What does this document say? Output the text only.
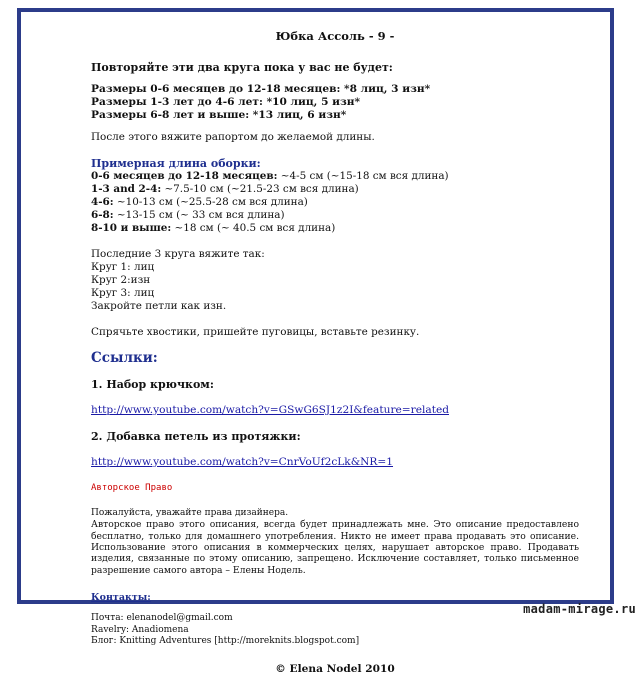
Юбка Ассоль - 9 -
Повторяйте эти два круга пока у вас не будет:
Размеры 0-6 месяцев до 12-18 месяцев: *8 лиц, 3 изн*
Размеры 1-3 лет до 4-6 лет: *10 лиц, 5 изн*
Размеры 6-8 лет и выше: *13 лиц, 6 изн*
После этого вяжите рапортом до желаемой длины.
Примерная длина оборки:
0-6 месяцев до 12-18 месяцев: ~4-5 см (~15-18 см вся длина)
1-3 and 2-4: ~7.5-10 см (~21.5-23 см вся длина)
4-6: ~10-13 см (~25.5-28 см вся длина)
6-8: ~13-15 см (~ 33 см вся длина)
8-10 и выше: ~18 см (~ 40.5 см вся длина)
Последние 3 круга вяжите так:
Круг 1: лиц
Круг 2:изн
Круг 3: лиц
Закройте петли как изн.
Спрячьте хвостики, пришейте пуговицы, вставьте резинку.
Ссылки:
1. Набор крючком:
http://www.youtube.com/watch?v=GSwG6SJ1z2I&feature=related
2. Добавка петель из протяжки:
http://www.youtube.com/watch?v=CnrVoUf2cLk&NR=1
Авторское Право
Пожалуйста, уважайте права дизайнера.
Авторское право этого описания, всегда будет принадлежать мне. Это описание предоставлено бесплатно, только для домашнего употребления. Никто не имеет права продавать это описание. Использование этого описания в коммерческих целях, нарушает авторское право. Продавать изделия, связанные по этому описанию, запрещено. Исключение составляет, только письменное разрешение самого автора – Елены Нодель.
Контакты:
Почта: elenanodel@gmail.com
Ravelry: Anadiomena
Блог: Knitting Adventures [http://moreknits.blogspot.com]
© Elena Nodel 2010
madam-mirage.ru
